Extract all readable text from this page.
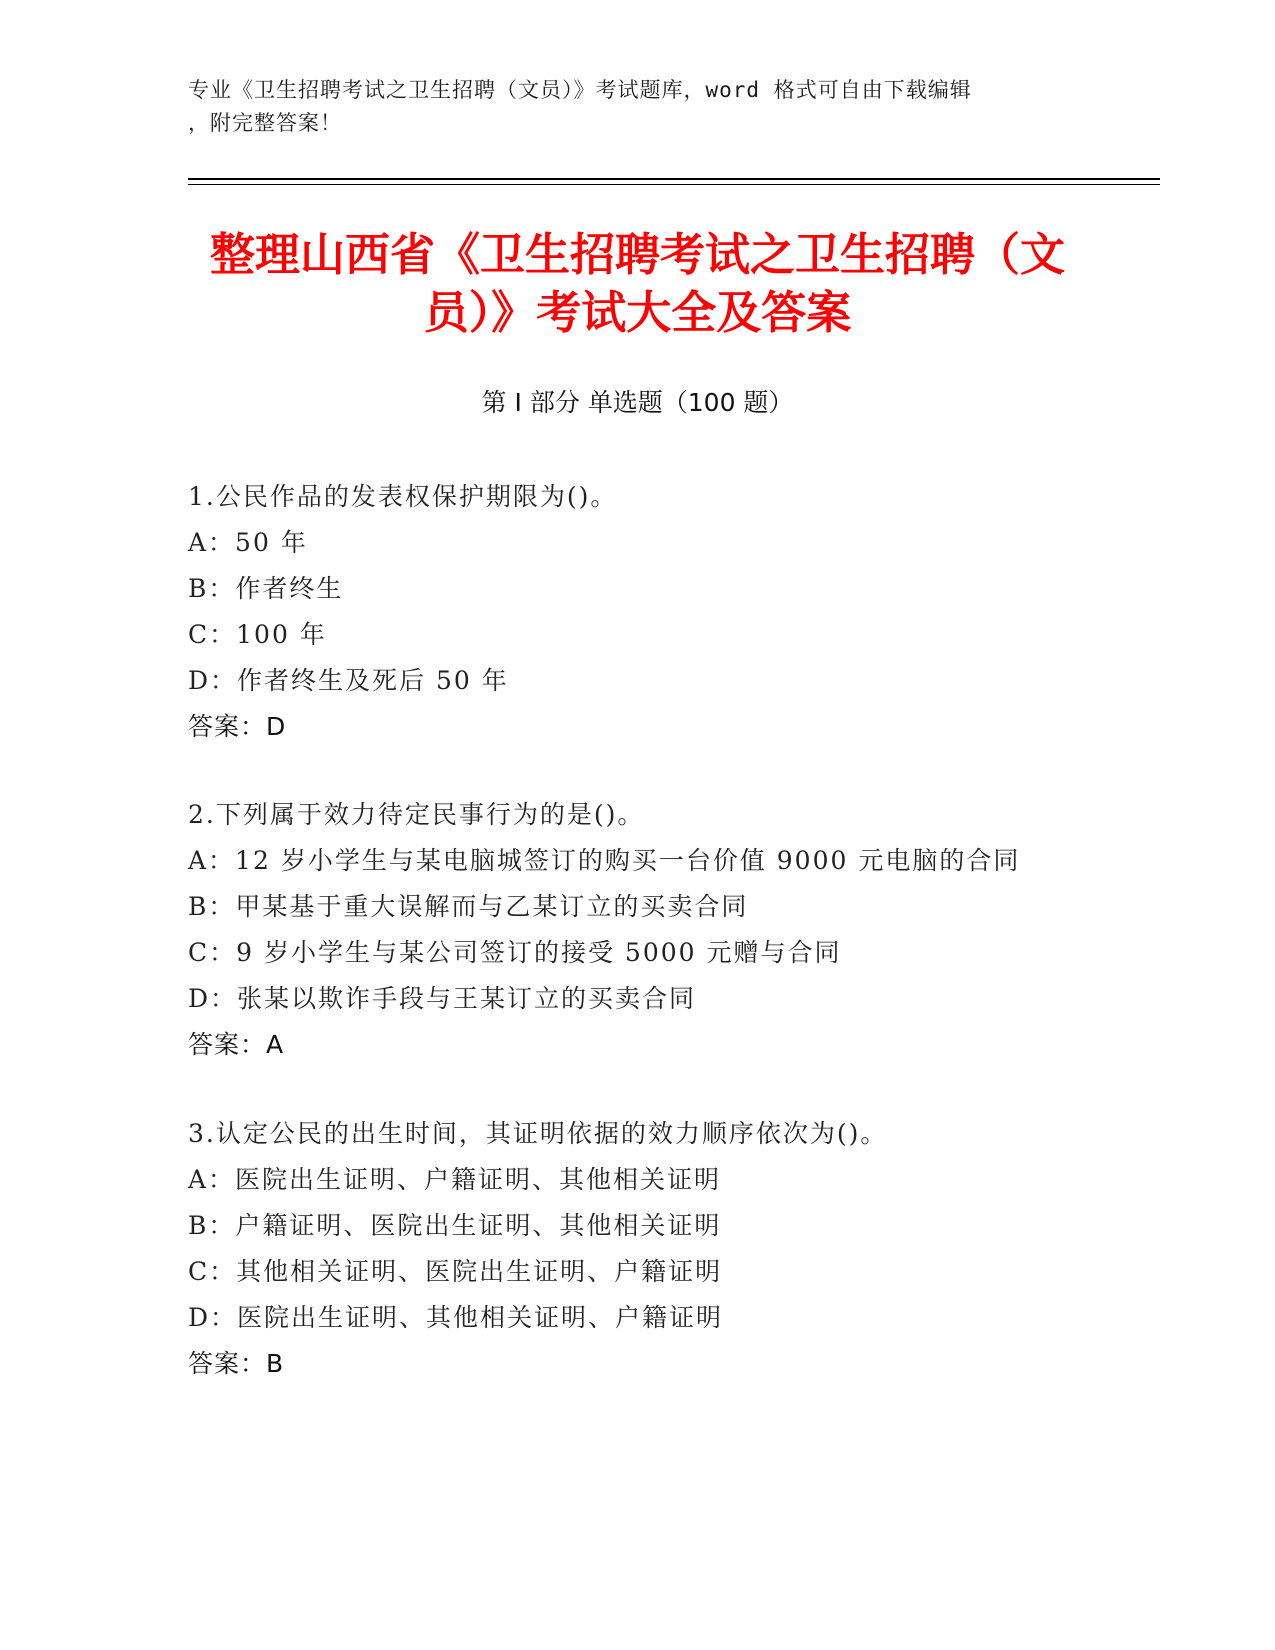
专业《卫生招聘考试之卫生招聘（文员）》考试题库，word 格式可自由下载编辑
，附完整答案！
整理山西省《卫生招聘考试之卫生招聘（文
员）》考试大全及答案
第 I 部分 单选题（100 题）
1.公民作品的发表权保护期限为()。
A：50 年
B：作者终生
C：100 年
D：作者终生及死后 50 年
答案：D
2.下列属于效力待定民事行为的是()。
A：12 岁小学生与某电脑城签订的购买一台价值 9000 元电脑的合同
B：甲某基于重大误解而与乙某订立的买卖合同
C：9 岁小学生与某公司签订的接受 5000 元赠与合同
D：张某以欺诈手段与王某订立的买卖合同
答案：A
3.认定公民的出生时间，其证明依据的效力顺序依次为()。
A：医院出生证明、户籍证明、其他相关证明
B：户籍证明、医院出生证明、其他相关证明
C：其他相关证明、医院出生证明、户籍证明
D：医院出生证明、其他相关证明、户籍证明
答案：B
